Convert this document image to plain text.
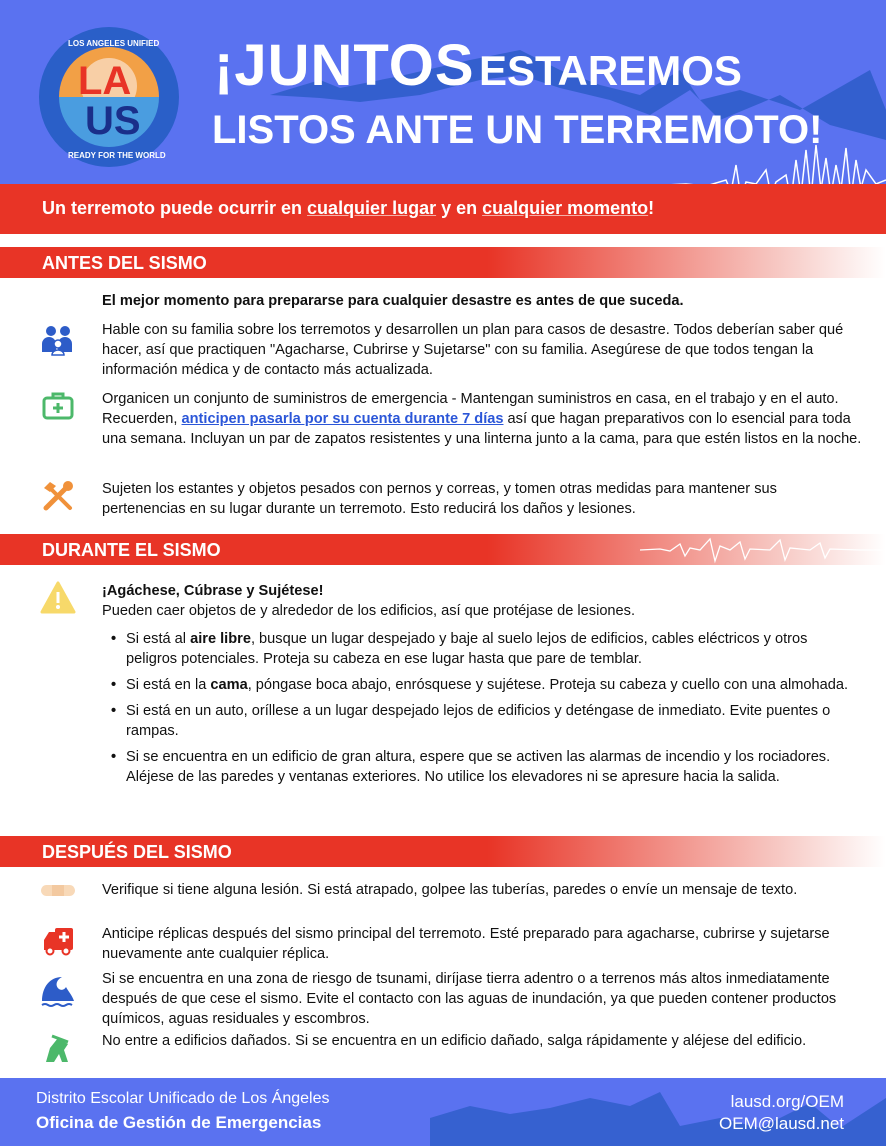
LA
US
LOS ANGELES UNIFIED
READY FOR THE WORLD
¡JUNTOS ESTAREMOS
LISTOS ANTE UN TERREMOTO!
Un terremoto puede ocurrir en cualquier lugar y en cualquier momento!
ANTES DEL SISMO
El mejor momento para prepararse para cualquier desastre es antes de que suceda.
Hable con su familia sobre los terremotos y desarrollen un plan para casos de desastre. Todos deberían saber qué hacer, así que practiquen "Agacharse, Cubrirse y Sujetarse" con su familia. Asegúrese de que todos tengan la información médica y de contacto más actualizada.
Organicen un conjunto de suministros de emergencia - Mantengan suministros en casa, en el trabajo y en el auto. Recuerden, anticipen pasarla por su cuenta durante 7 días así que hagan preparativos con lo esencial para toda una semana. Incluyan un par de zapatos resistentes y una linterna junto a la cama, para que estén listos en la noche.
Sujeten los estantes y objetos pesados con pernos y correas, y tomen otras medidas para mantener sus pertenencias en su lugar durante un terremoto. Esto reducirá los daños y lesiones.
DURANTE EL SISMO
¡Agáchese, Cúbrase y Sujétese!
Pueden caer objetos de y alrededor de los edificios, así que protéjase de lesiones.
• Si está al aire libre, busque un lugar despejado y baje al suelo lejos de edificios, cables eléctricos y otros peligros potenciales. Proteja su cabeza en ese lugar hasta que pare de temblar.
• Si está en la cama, póngase boca abajo, enrósquese y sujétese. Proteja su cabeza y cuello con una almohada.
• Si está en un auto, oríllese a un lugar despejado lejos de edificios y deténgase de inmediato. Evite puentes o rampas.
• Si se encuentra en un edificio de gran altura, espere que se activen las alarmas de incendio y los rociadores. Aléjese de las paredes y ventanas exteriores. No utilice los elevadores ni se apresure hacia la salida.
DESPUÉS DEL SISMO
Verifique si tiene alguna lesión. Si está atrapado, golpee las tuberías, paredes o envíe un mensaje de texto.
Anticipe réplicas después del sismo principal del terremoto. Esté preparado para agacharse, cubrirse y sujetarse nuevamente ante cualquier réplica.
Si se encuentra en una zona de riesgo de tsunami, diríjase tierra adentro o a terrenos más altos inmediatamente después de que cese el sismo. Evite el contacto con las aguas de inundación, ya que pueden contener productos químicos, aguas residuales y escombros.
No entre a edificios dañados. Si se encuentra en un edificio dañado, salga rápidamente y aléjese del edificio.
Distrito Escolar Unificado de Los Ángeles
Oficina de Gestión de Emergencias
lausd.org/OEM
OEM@lausd.net
